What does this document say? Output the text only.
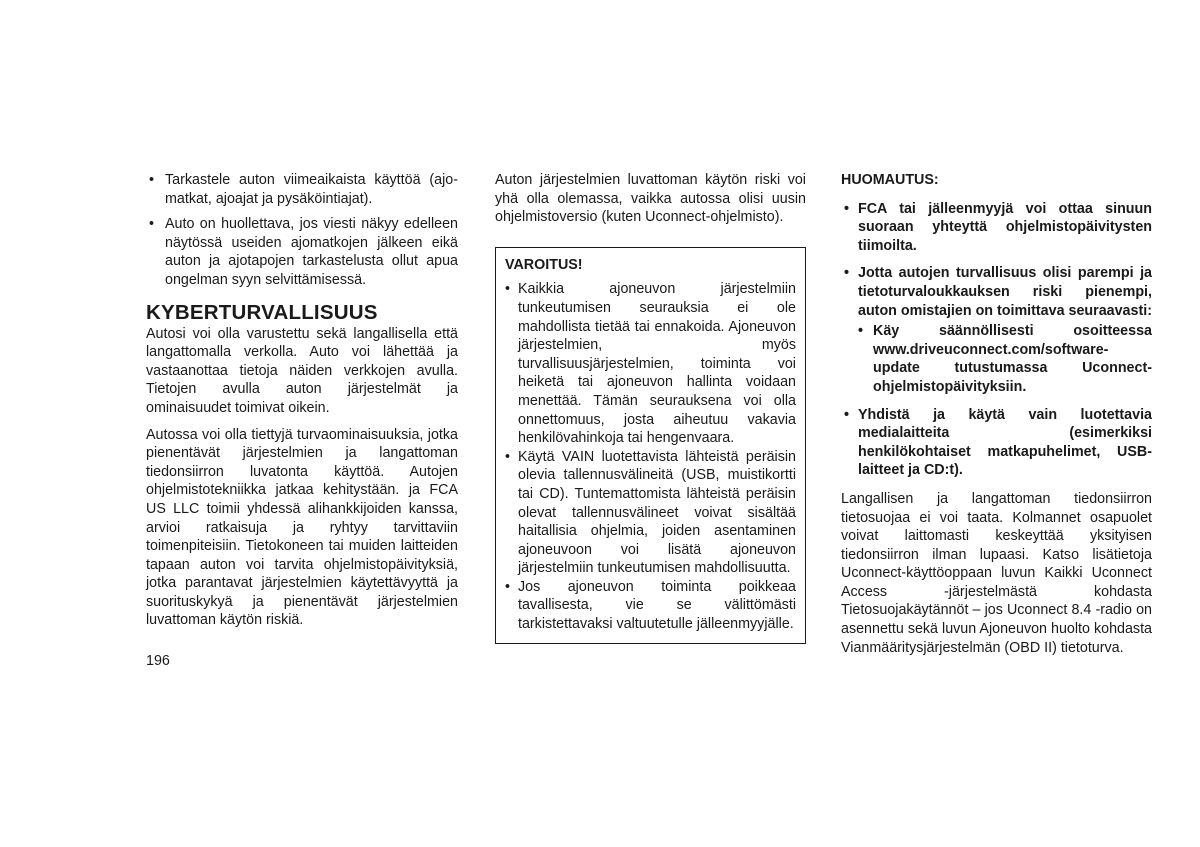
• Tarkastele auton viimeaikaista käyttöä (ajo-matkat, ajoajat ja pysäköintiajat).
• Auto on huollettava, jos viesti näkyy edelleen näytössä useiden ajomatkojen jälkeen eikä auton ja ajotapojen tarkastelusta ollut apua ongelman syyn selvittämisessä.
KYBERTURVALLISUUS

Autosi voi olla varustettu sekä langallisella että langattomalla verkolla. Auto voi lähettää ja vastaanottaa tietoja näiden verkkojen avulla. Tietojen avulla auton järjestelmät ja ominaisuudet toimivat oikein.

Autossa voi olla tiettyjä turvaominaisuuksia, jotka pienentävät järjestelmien ja langattoman tiedonsiirron luvatonta käyttöä. Autojen ohjelmistotekniikka jatkaa kehitystään. ja FCA US LLC toimii yhdessä alihankkijoiden kanssa, arvioi ratkaisuja ja ryhtyy tarvittaviin toimenpiteisiin. Tietokoneen tai muiden laitteiden tapaan auton voi tarvita ohjelmistopäivityksiä, jotka parantavat järjestelmien käytettävyyttä ja suorituskykyä ja pienentävät järjestelmien luvattoman käytön riskiä.

Auton järjestelmien luvattoman käytön riski voi yhä olla olemassa, vaikka autossa olisi uusin ohjelmistoversio (kuten Uconnect-ohjelmisto).

VAROITUS!
• Kaikkia ajoneuvon järjestelmiin tunkeutumisen seurauksia ei ole mahdollista tietää tai ennakoida. Ajoneuvon järjestelmien, myös turvallisuusjärjestelmien, toiminta voi heiketä tai ajoneuvon hallinta voidaan menettää. Tämän seurauksena voi olla onnettomuus, josta aiheutuu vakavia henkilövahinkoja tai hengenvaara.
• Käytä VAIN luotettavista lähteistä peräisin olevia tallennusvälineitä (USB, muistikortti tai CD). Tuntemattomista lähteistä peräisin olevat tallennusvälineet voivat sisältää haitallisia ohjelmia, joiden asentaminen ajoneuvoon voi lisätä ajoneuvon järjestelmiin tunkeutumisen mahdollisuutta.
• Jos ajoneuvon toiminta poikkeaa tavallisesta, vie se välittömästi tarkistettavaksi valtuutetulle jälleenmyyjälle.
HUOMAUTUS:
• FCA tai jälleenmyyjä voi ottaa sinuun suoraan yhteyttä ohjelmistopäivitysten tiimoilta.
• Jotta autojen turvallisuus olisi parempi ja tietoturvaloukkauksen riski pienempi, auton omistajien on toimittava seuraavasti:
• Käy säännöllisesti osoitteessa www.driveuconnect.com/software-update tutustumassa Uconnect-ohjelmistopäivityksiin.
• Yhdistä ja käytä vain luotettavia medialaitteita (esimerkiksi henkilökohtaiset matkapuhelimet, USB-laitteet ja CD:t).

Langallisen ja langattoman tiedonsiirron tietosuojaa ei voi taata. Kolmannet osapuolet voivat laittomasti keskeyttää yksityisen tiedonsiirron ilman lupaasi. Katso lisätietoja Uconnect-käyttöoppaan luvun Kaikki Uconnect Access -järjestelmästä kohdasta Tietosuojakäytännöt – jos Uconnect 8.4 -radio on asennettu sekä luvun Ajoneuvon huolto kohdasta Vianmääritysjärjestelmän (OBD II) tietoturva.

196
